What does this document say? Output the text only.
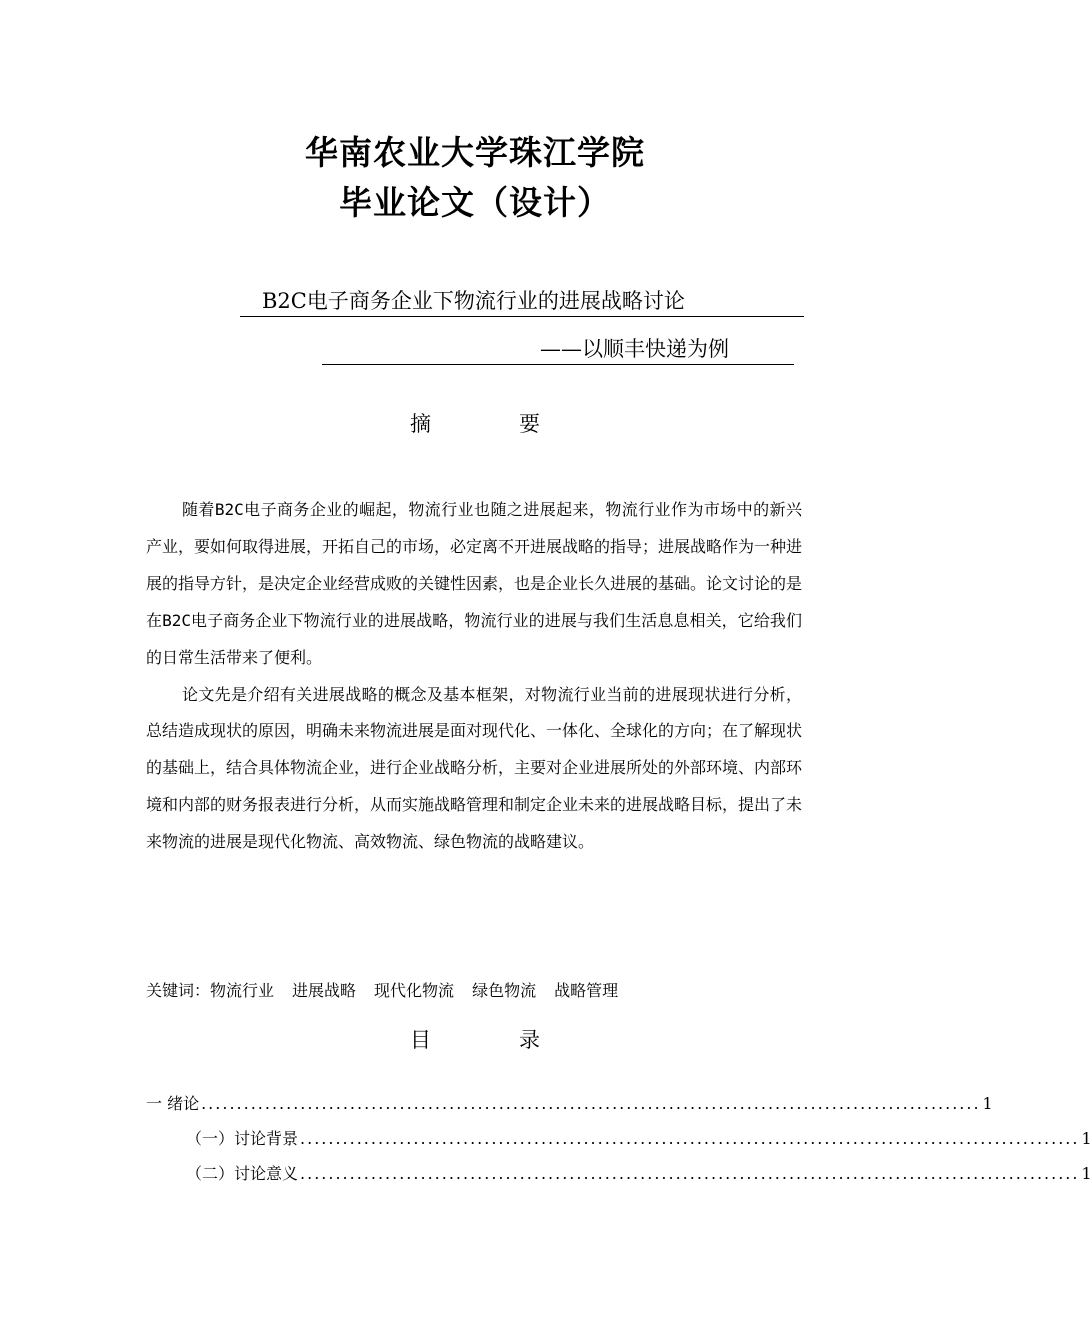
华南农业大学珠江学院
毕业论文（设计）
B2C电子商务企业下物流行业的进展战略讨论
——以顺丰快递为例
摘要

随着B2C电子商务企业的崛起，物流行业也随之进展起来，物流行业作为市场中的新兴产业，要如何取得进展，开拓自己的市场，必定离不开进展战略的指导；进展战略作为一种进展的指导方针，是决定企业经营成败的关键性因素，也是企业长久进展的基础。论文讨论的是在B2C电子商务企业下物流行业的进展战略，物流行业的进展与我们生活息息相关，它给我们的日常生活带来了便利。

论文先是介绍有关进展战略的概念及基本框架，对物流行业当前的进展现状进行分析，总结造成现状的原因，明确未来物流进展是面对现代化、一体化、全球化的方向；在了解现状的基础上，结合具体物流企业，进行企业战略分析，主要对企业进展所处的外部环境、内部环境和内部的财务报表进行分析，从而实施战略管理和制定企业未来的进展战略目标，提出了未来物流的进展是现代化物流、高效物流、绿色物流的战略建议。

关键词：物流行业 进展战略 现代化物流 绿色物流 战略管理
目录
一 绪论 .............................................................................................................. 1
（一）讨论背景 .............................................................................................................. 1
（二）讨论意义 .............................................................................................................. 1
